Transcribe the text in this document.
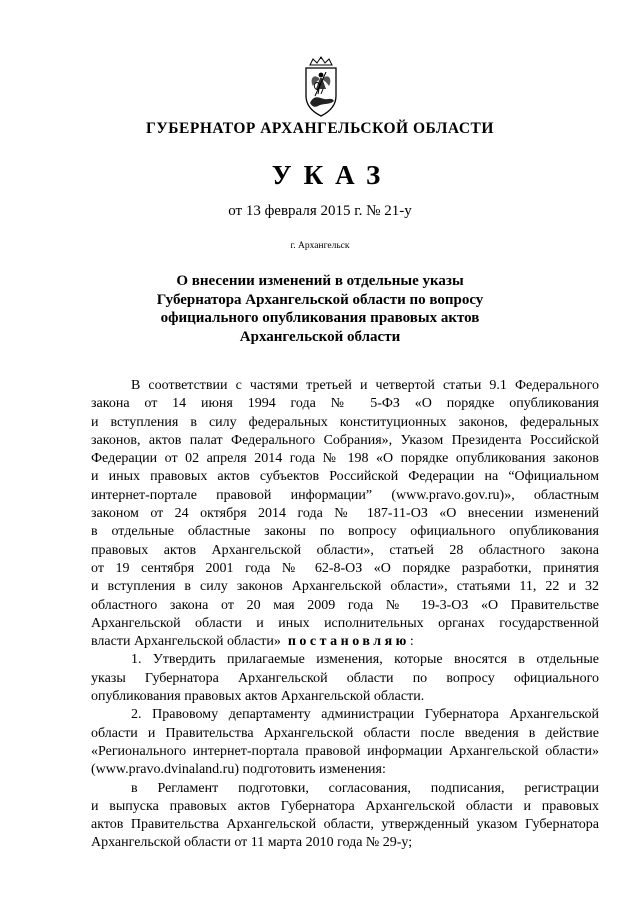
ГУБЕРНАТОР АРХАНГЕЛЬСКОЙ ОБЛАСТИ
УКАЗ
от 13 февраля 2015 г. № 21-у
г. Архангельск
О внесении изменений в отдельные указы
Губернатора Архангельской области по вопросу
официального опубликования правовых актов
Архангельской области
В соответствии с частями третьей и четвертой статьи 9.1 Федерального
закона от 14 июня 1994 года № 5-ФЗ «О порядке опубликования
и вступления в силу федеральных конституционных законов, федеральных
законов, актов палат Федерального Собрания», Указом Президента Российской
Федерации от 02 апреля 2014 года № 198 «О порядке опубликования законов
и иных правовых актов субъектов Российской Федерации на “Официальном
интернет-портале правовой информации” (www.pravo.gov.ru)», областным
законом от 24 октября 2014 года № 187-11-ОЗ «О внесении изменений
в отдельные областные законы по вопросу официального опубликования
правовых актов Архангельской области», статьей 28 областного закона
от 19 сентября 2001 года № 62-8-ОЗ «О порядке разработки, принятия
и вступления в силу законов Архангельской области», статьями 11, 22 и 32
областного закона от 20 мая 2009 года № 19-3-ОЗ «О Правительстве
Архангельской области и иных исполнительных органах государственной
власти Архангельской области» постановляю:
1. Утвердить прилагаемые изменения, которые вносятся в отдельные
указы Губернатора Архангельской области по вопросу официального
опубликования правовых актов Архангельской области.
2. Правовому департаменту администрации Губернатора Архангельской
области и Правительства Архангельской области после введения в действие
«Регионального интернет-портала правовой информации Архангельской области»
(www.pravo.dvinaland.ru) подготовить изменения:
в Регламент подготовки, согласования, подписания, регистрации
и выпуска правовых актов Губернатора Архангельской области и правовых
актов Правительства Архангельской области, утвержденный указом Губернатора
Архангельской области от 11 марта 2010 года № 29-у;
